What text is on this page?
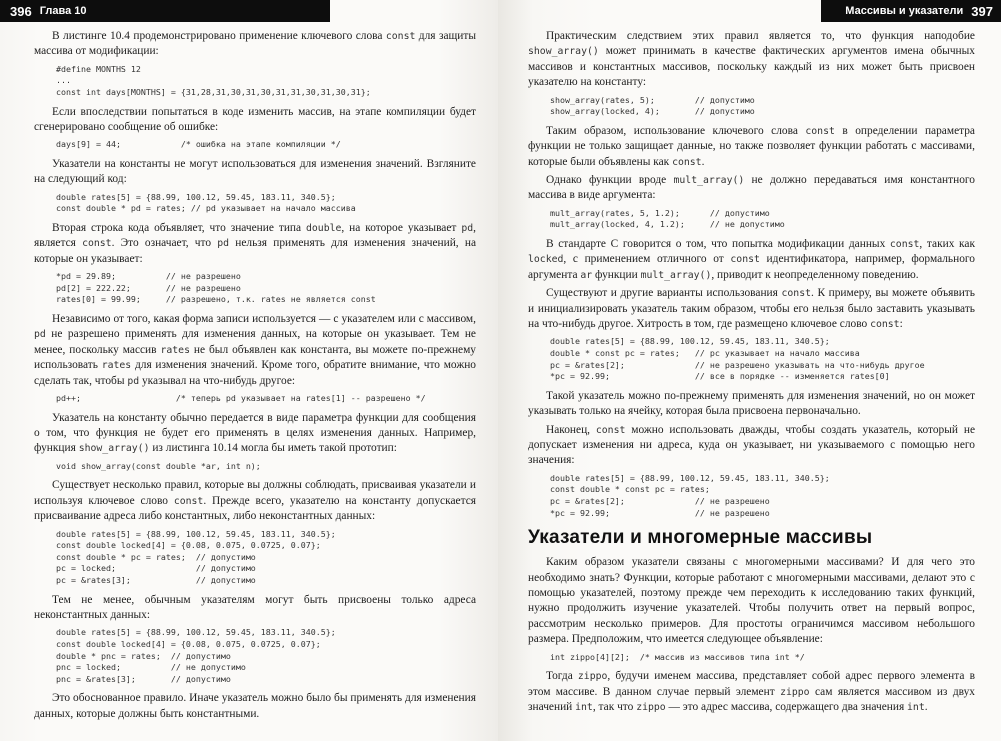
396 Глава 10

В листинге 10.4 продемонстрировано применение ключевого слова const для защиты массива от модификации:

#define MONTHS 12
...
const int days[MONTHS] = {31,28,31,30,31,30,31,31,30,31,30,31};

Если впоследствии попытаться в коде изменить массив, на этапе компиляции будет сгенерировано сообщение об ошибке:

days[9] = 44;            /* ошибка на этапе компиляции */

Указатели на константы не могут использоваться для изменения значений. Взгляните на следующий код:

double rates[5] = {88.99, 100.12, 59.45, 183.11, 340.5};
const double * pd = rates; // pd указывает на начало массива

Вторая строка кода объявляет, что значение типа double, на которое указывает pd, является const. Это означает, что pd нельзя применять для изменения значений, на которые он указывает:

*pd = 29.89;          // не разрешено
pd[2] = 222.22;       // не разрешено
rates[0] = 99.99;     // разрешено, т.к. rates не является const

Независимо от того, какая форма записи используется — с указателем или с массивом, pd не разрешено применять для изменения данных, на которые он указывает. Тем не менее, поскольку массив rates не был объявлен как константа, вы можете по-прежнему использовать rates для изменения значений. Кроме того, обратите внимание, что можно сделать так, чтобы pd указывал на что-нибудь другое:

pd++;                   /* теперь pd указывает на rates[1] -- разрешено */

Указатель на константу обычно передается в виде параметра функции для сообщения о том, что функция не будет его применять в целях изменения данных. Например, функция show_array() из листинга 10.14 могла бы иметь такой прототип:

void show_array(const double *ar, int n);

Существует несколько правил, которые вы должны соблюдать, присваивая указатели и используя ключевое слово const. Прежде всего, указателю на константу допускается присваивание адреса либо константных, либо неконстантных данных:

double rates[5] = {88.99, 100.12, 59.45, 183.11, 340.5};
const double locked[4] = {0.08, 0.075, 0.0725, 0.07};
const double * pc = rates;  // допустимо
pc = locked;                // допустимо
pc = &rates[3];             // допустимо

Тем не менее, обычным указателям могут быть присвоены только адреса неконстантных данных:

double rates[5] = {88.99, 100.12, 59.45, 183.11, 340.5};
const double locked[4] = {0.08, 0.075, 0.0725, 0.07};
double * pnc = rates;  // допустимо
pnc = locked;          // не допустимо
pnc = &rates[3];       // допустимо

Это обоснованное правило. Иначе указатель можно было бы применять для изменения данных, которые должны быть константными.

Массивы и указатели 397

Практическим следствием этих правил является то, что функция наподобие show_array() может принимать в качестве фактических аргументов имена обычных массивов и константных массивов, поскольку каждый из них может быть присвоен указателю на константу:

show_array(rates, 5);        // допустимо
show_array(locked, 4);       // допустимо

Таким образом, использование ключевого слова const в определении параметра функции не только защищает данные, но также позволяет функции работать с массивами, которые были объявлены как const.

Однако функции вроде mult_array() не должно передаваться имя константного массива в виде аргумента:

mult_array(rates, 5, 1.2);      // допустимо
mult_array(locked, 4, 1.2);     // не допустимо

В стандарте C говорится о том, что попытка модификации данных const, таких как locked, с применением отличного от const идентификатора, например, формального аргумента ar функции mult_array(), приводит к неопределенному поведению.

Существуют и другие варианты использования const. К примеру, вы можете объявить и инициализировать указатель таким образом, чтобы его нельзя было заставить указывать на что-нибудь другое. Хитрость в том, где размещено ключевое слово const:

double rates[5] = {88.99, 100.12, 59.45, 183.11, 340.5};
double * const pc = rates;   // pc указывает на начало массива
pc = &rates[2];              // не разрешено указывать на что-нибудь другое
*pc = 92.99;                 // все в порядке -- изменяется rates[0]

Такой указатель можно по-прежнему применять для изменения значений, но он может указывать только на ячейку, которая была присвоена первоначально.

Наконец, const можно использовать дважды, чтобы создать указатель, который не допускает изменения ни адреса, куда он указывает, ни указываемого с помощью него значения:

double rates[5] = {88.99, 100.12, 59.45, 183.11, 340.5};
const double * const pc = rates;
pc = &rates[2];              // не разрешено
*pc = 92.99;                 // не разрешено
Указатели и многомерные массивы

Каким образом указатели связаны с многомерными массивами? И для чего это необходимо знать? Функции, которые работают с многомерными массивами, делают это с помощью указателей, поэтому прежде чем переходить к исследованию таких функций, нужно продолжить изучение указателей. Чтобы получить ответ на первый вопрос, рассмотрим несколько примеров. Для простоты ограничимся массивом небольшого размера. Предположим, что имеется следующее объявление:

int zippo[4][2];  /* массив из массивов типа int */

Тогда zippo, будучи именем массива, представляет собой адрес первого элемента в этом массиве. В данном случае первый элемент zippo сам является массивом из двух значений int, так что zippo — это адрес массива, содержащего два значения int.
